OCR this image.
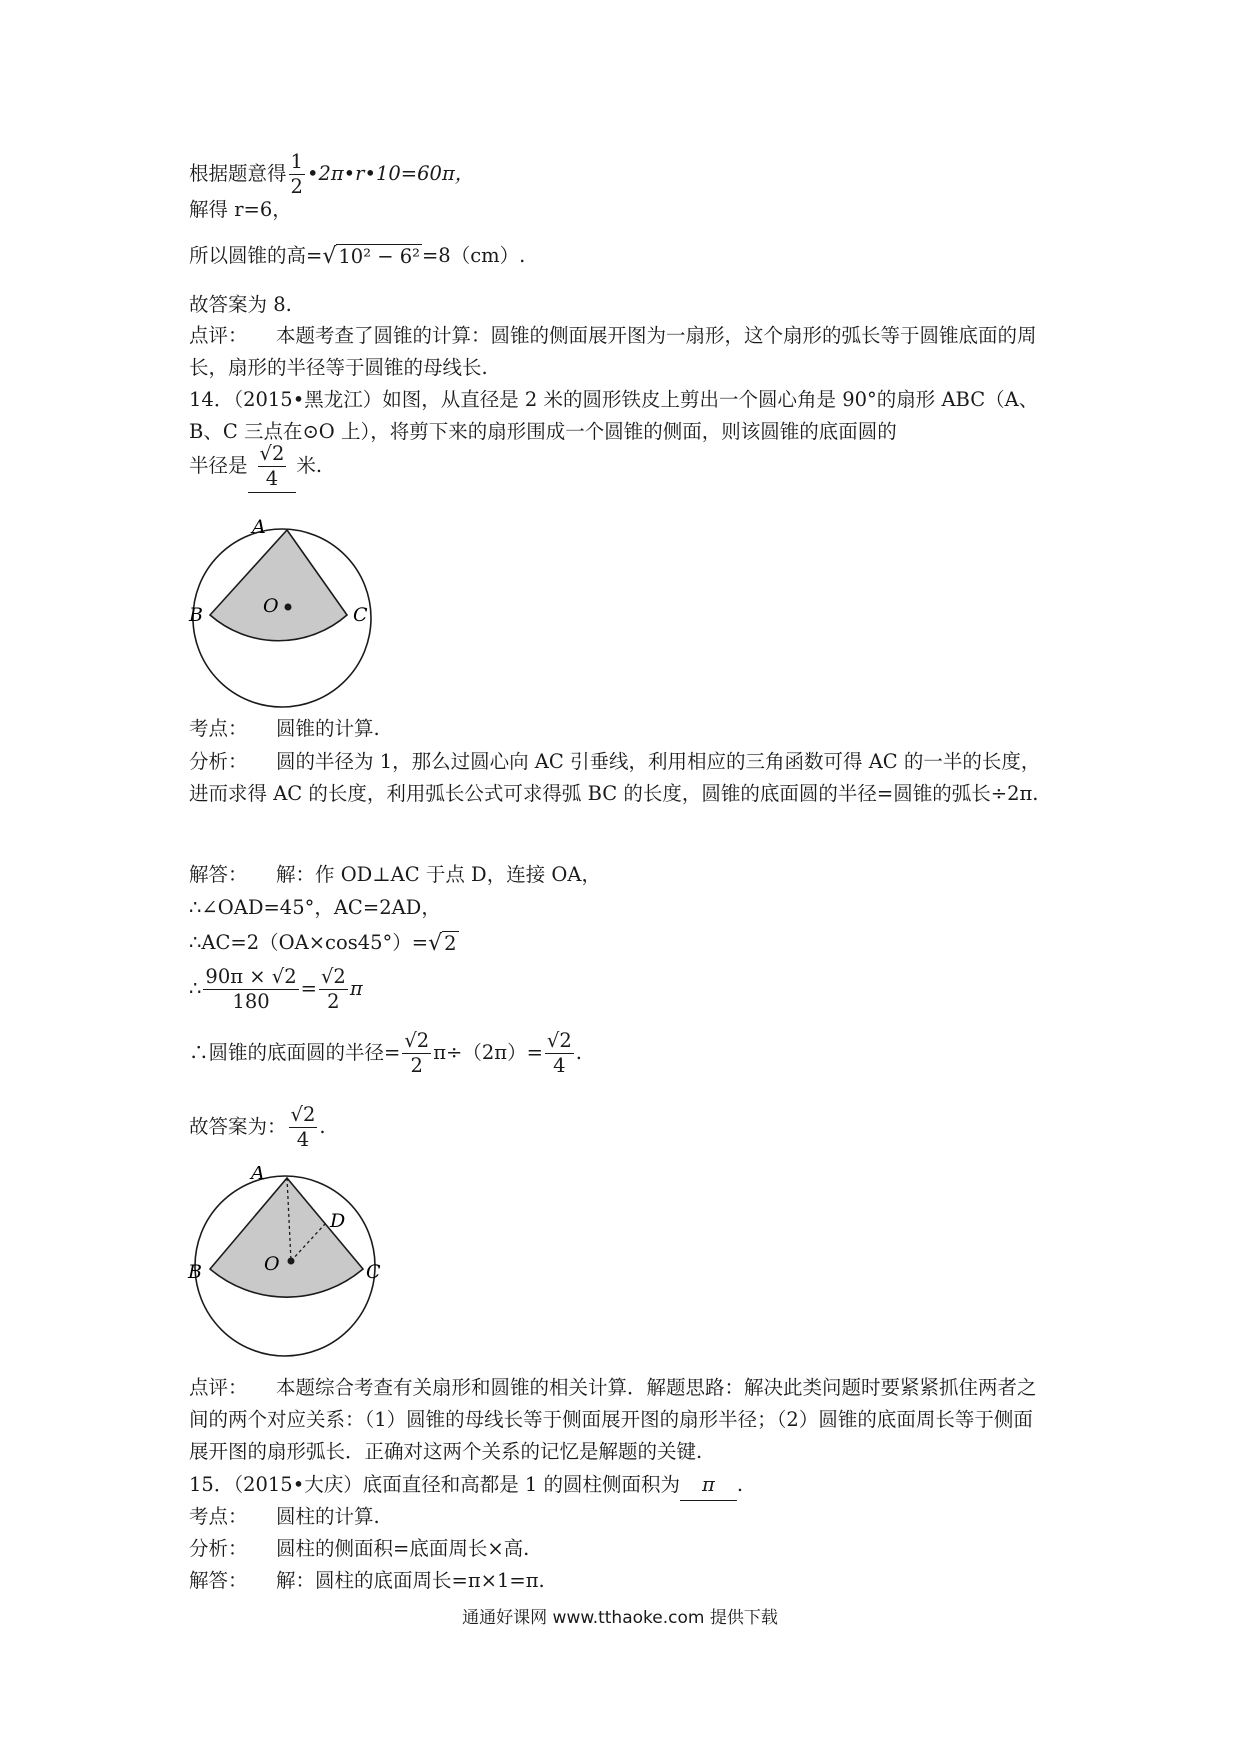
根据题意得 $\frac{1}{2}$ •2π•r•10=60π，
解得 r=6，
所以圆锥的高=√ 10² − 6² =8（cm）.
故答案为 8.
点评： 本题考查了圆锥的计算：圆锥的侧面展开图为一扇形，这个扇形的弧长等于圆锥底面的周长，扇形的半径等于圆锥的母线长.
14．（2015•黑龙江）如图，从直径是 2 米的圆形铁皮上剪出一个圆心角是 90°的扇形 ABC（A、B、C 三点在⊙O 上），将剪下来的扇形围成一个圆锥的侧面，则该圆锥的底面圆的
半径是 $\frac{√2}{4}$ 米.
A
B	C
O
考点： 圆锥的计算.
分析： 圆的半径为 1，那么过圆心向 AC 引垂线，利用相应的三角函数可得 AC 的一半的长度，进而求得 AC 的长度，利用弧长公式可求得弧 BC 的长度，圆锥的底面圆的半径=圆锥的弧长÷2π.
解答： 解：作 OD⊥AC 于点 D，连接 OA，
∴∠OAD=45°，AC=2AD，
∴AC=2（OA×cos45°）=√ 2
∴ $\frac{90\pi \times √2}{180} = \frac{√2}{2}$ π
∴圆锥的底面圆的半径= $\frac{√2}{2} \pi\div(2\pi)= \frac{√2}{4}$ .
故答案为： $\frac{√2}{4}$ .
A
B	C
O
D
点评： 本题综合考查有关扇形和圆锥的相关计算．解题思路：解决此类问题时要紧紧抓住两者之间的两个对应关系：（1）圆锥的母线长等于侧面展开图的扇形半径；（2）圆锥的底面周长等于侧面展开图的扇形弧长．正确对这两个关系的记忆是解题的关键.
15．（2015•大庆）底面直径和高都是 1 的圆柱侧面积为 π .
考点： 圆柱的计算.
分析： 圆柱的侧面积=底面周长×高.
解答： 解：圆柱的底面周长=π×1=π.
通通好课网 www.tthaoke.com 提供下载
